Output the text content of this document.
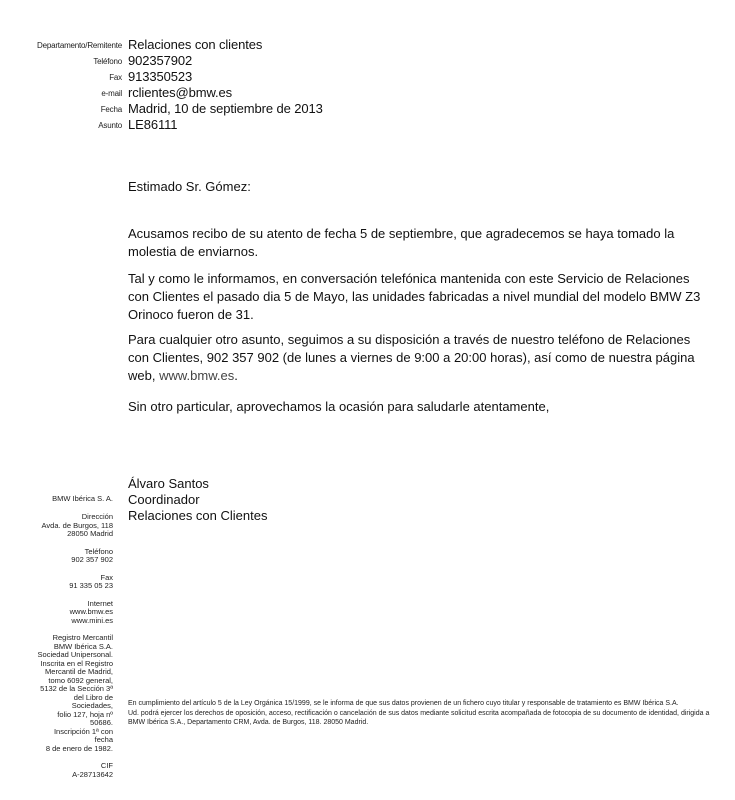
Departamento/Remitente Relaciones con clientes
Teléfono 902357902
Fax 913350523
e-mail rclientes@bmw.es
Fecha Madrid, 10 de septiembre de 2013
Asunto LE86111

Estimado Sr. Gómez:

Acusamos recibo de su atento de fecha 5 de septiembre, que agradecemos se haya tomado la molestia de enviarnos.

Tal y como le informamos, en conversación telefónica mantenida con este Servicio de Relaciones con Clientes el pasado dia 5 de Mayo, las unidades fabricadas a nivel mundial del modelo BMW Z3 Orinoco fueron de 31.

Para cualquier otro asunto, seguimos a su disposición a través de nuestro teléfono de Relaciones con Clientes, 902 357 902 (de lunes a viernes de 9:00 a 20:00 horas), así como de nuestra página web, www.bmw.es.

Sin otro particular, aprovechamos la ocasión para saludarle atentamente,

Álvaro Santos
Coordinador
Relaciones con Clientes
BMW Ibérica S. A.
Dirección
Avda. de Burgos, 118
28050 Madrid
Teléfono
902 357 902
Fax
91 335 05 23
Internet
www.bmw.es
www.mini.es
Registro Mercantil
BMW Ibérica S.A.
Sociedad Unipersonal.
Inscrita en el Registro
Mercantil de Madrid,
tomo 6092 general,
5132 de la Sección 3ª
del Libro de
Sociedades,
folio 127, hoja nº
50686.
Inscripción 1ª con
fecha
8 de enero de 1982.
CIF
A-28713642

En cumplimiento del artículo 5 de la Ley Orgánica 15/1999, se le informa de que sus datos provienen de un fichero cuyo titular y responsable de tratamiento es BMW Ibérica S.A.

Ud. podrá ejercer los derechos de oposición, acceso, rectificación o cancelación de sus datos mediante solicitud escrita acompañada de fotocopia de su documento de identidad, dirigida a BMW Ibérica S.A., Departamento CRM, Avda. de Burgos, 118. 28050 Madrid.
